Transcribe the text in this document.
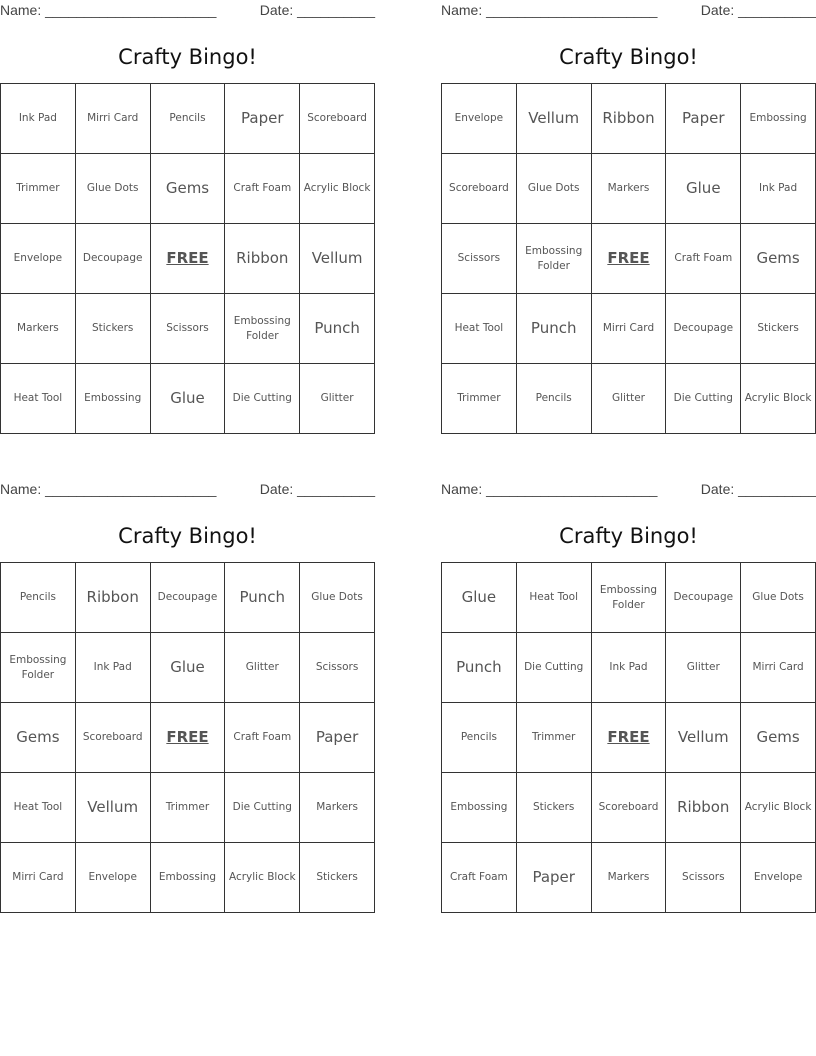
Name: ______________________	Date: __________
Crafty Bingo!
Ink Pad	Mirri Card	Pencils	Paper	Scoreboard
Trimmer	Glue Dots	Gems	Craft Foam	Acrylic Block
Envelope	Decoupage	FREE	Ribbon	Vellum
Markers	Stickers	Scissors	Embossing Folder	Punch
Heat Tool	Embossing	Glue	Die Cutting	Glitter
Name: ______________________	Date: __________
Crafty Bingo!
Envelope	Vellum	Ribbon	Paper	Embossing
Scoreboard	Glue Dots	Markers	Glue	Ink Pad
Scissors	Embossing Folder	FREE	Craft Foam	Gems
Heat Tool	Punch	Mirri Card	Decoupage	Stickers
Trimmer	Pencils	Glitter	Die Cutting	Acrylic Block
Name: ______________________	Date: __________
Crafty Bingo!
Pencils	Ribbon	Decoupage	Punch	Glue Dots
Embossing Folder	Ink Pad	Glue	Glitter	Scissors
Gems	Scoreboard	FREE	Craft Foam	Paper
Heat Tool	Vellum	Trimmer	Die Cutting	Markers
Mirri Card	Envelope	Embossing	Acrylic Block	Stickers
Name: ______________________	Date: __________
Crafty Bingo!
Glue	Heat Tool	Embossing Folder	Decoupage	Glue Dots
Punch	Die Cutting	Ink Pad	Glitter	Mirri Card
Pencils	Trimmer	FREE	Vellum	Gems
Embossing	Stickers	Scoreboard	Ribbon	Acrylic Block
Craft Foam	Paper	Markers	Scissors	Envelope
